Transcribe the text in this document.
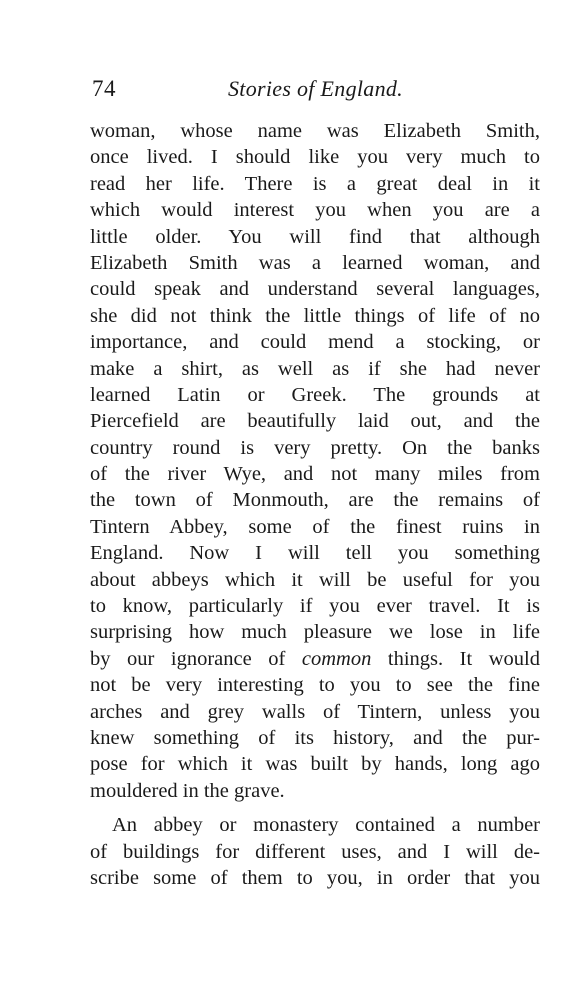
74	Stories of England.
woman, whose name was Elizabeth Smith,
once lived. I should like you very much to
read her life. There is a great deal in it
which would interest you when you are a
little older. You will find that although
Elizabeth Smith was a learned woman, and
could speak and understand several languages,
she did not think the little things of life of no
importance, and could mend a stocking, or
make a shirt, as well as if she had never
learned Latin or Greek. The grounds at
Piercefield are beautifully laid out, and the
country round is very pretty. On the banks
of the river Wye, and not many miles from
the town of Monmouth, are the remains of
Tintern Abbey, some of the finest ruins in
England. Now I will tell you something
about abbeys which it will be useful for you
to know, particularly if you ever travel. It is
surprising how much pleasure we lose in life
by our ignorance of common things. It would
not be very interesting to you to see the fine
arches and grey walls of Tintern, unless you
knew something of its history, and the pur-
pose for which it was built by hands, long ago
mouldered in the grave.
An abbey or monastery contained a number
of buildings for different uses, and I will de-
scribe some of them to you, in order that you
